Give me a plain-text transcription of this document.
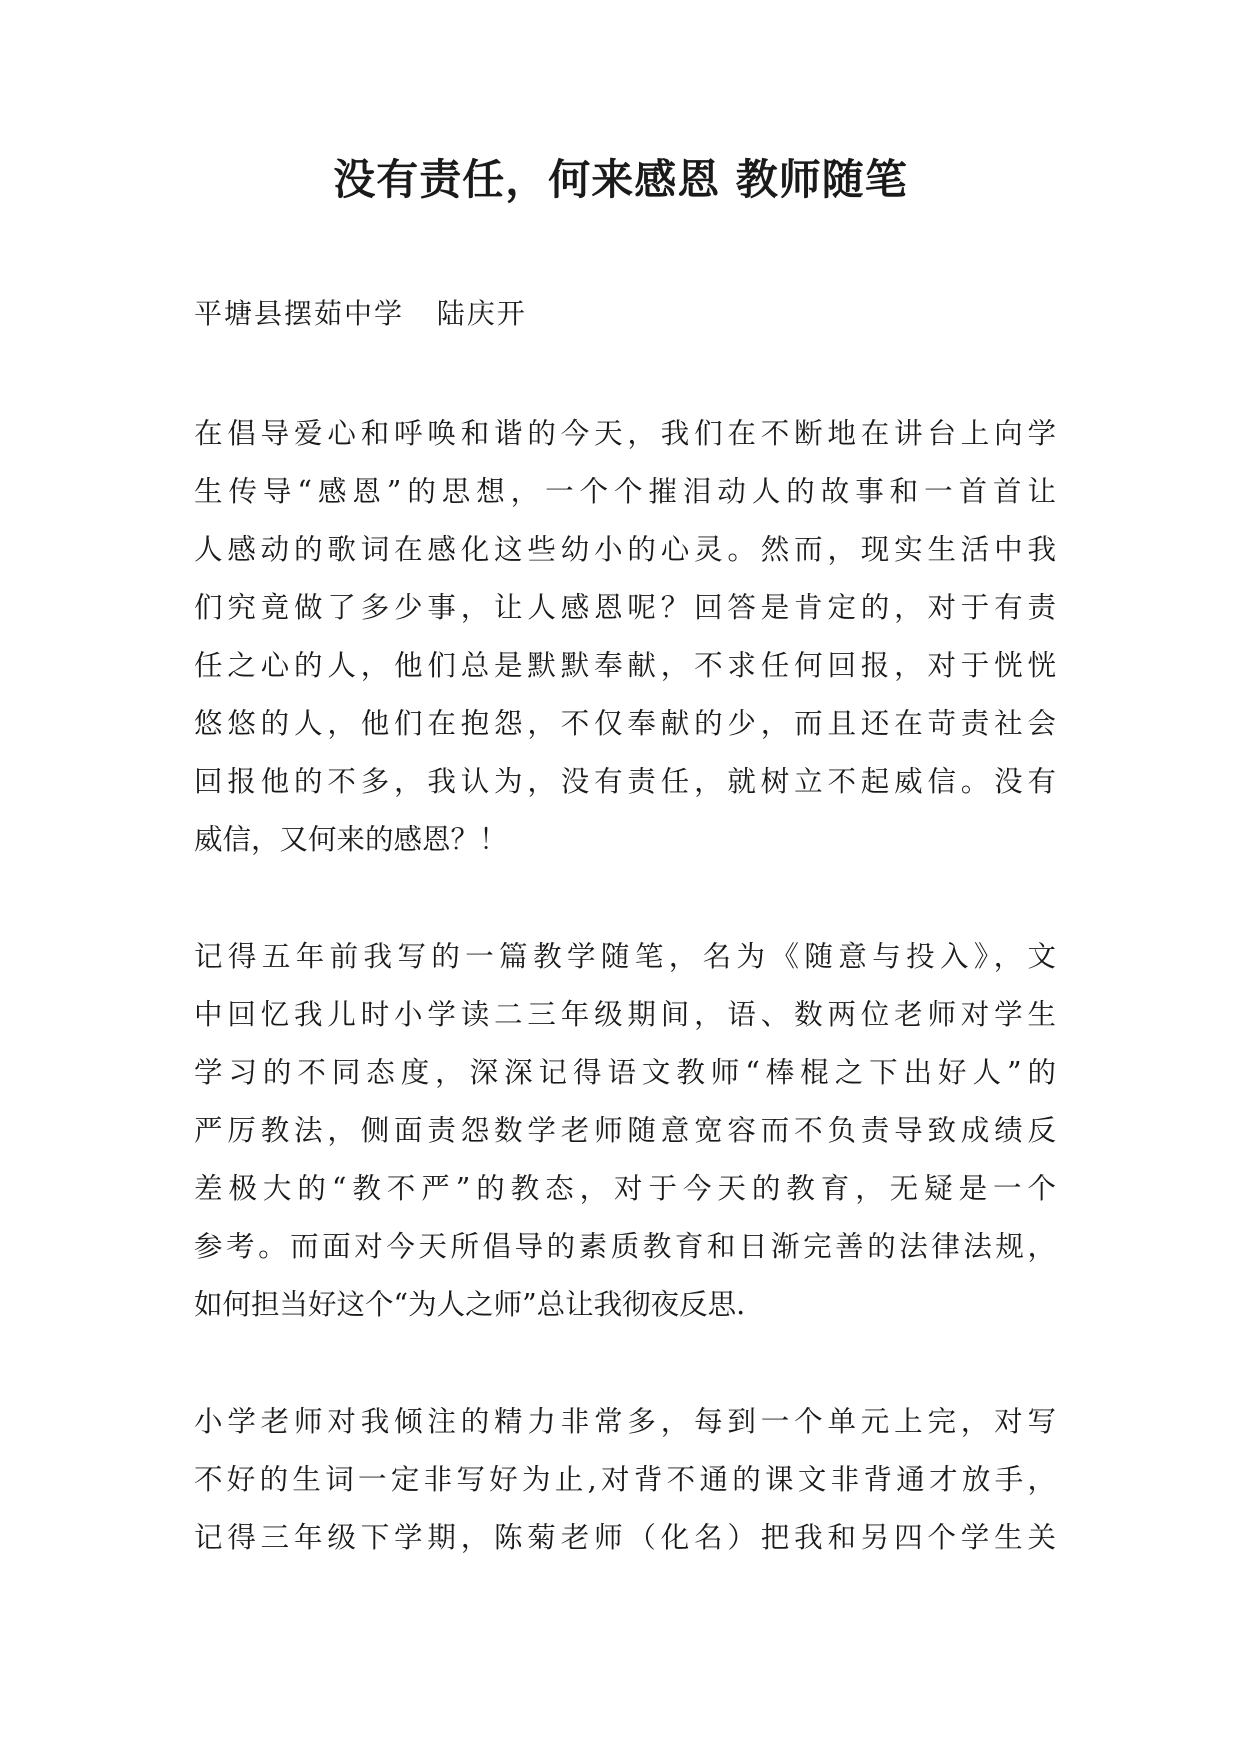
没有责任，何来感恩 教师随笔

平塘县摆茹中学   陆庆开

在倡导爱心和呼唤和谐的今天，我们在不断地在讲台上向学
生传导“感恩”的思想，一个个摧泪动人的故事和一首首让
人感动的歌词在感化这些幼小的心灵。然而，现实生活中我
们究竟做了多少事，让人感恩呢？回答是肯定的，对于有责
任之心的人，他们总是默默奉献，不求任何回报，对于恍恍
悠悠的人，他们在抱怨，不仅奉献的少，而且还在苛责社会
回报他的不多，我认为，没有责任，就树立不起威信。没有
威信，又何来的感恩？！
记得五年前我写的一篇教学随笔，名为《随意与投入》，文
中回忆我儿时小学读二三年级期间，语、数两位老师对学生
学习的不同态度，深深记得语文教师“棒棍之下出好人”的
严厉教法，侧面责怨数学老师随意宽容而不负责导致成绩反
差极大的“教不严”的教态，对于今天的教育，无疑是一个
参考。而面对今天所倡导的素质教育和日渐完善的法律法规，
如何担当好这个“为人之师”总让我彻夜反思.
小学老师对我倾注的精力非常多，每到一个单元上完，对写
不好的生词一定非写好为止,对背不通的课文非背通才放手，
记得三年级下学期，陈菊老师（化名）把我和另四个学生关
